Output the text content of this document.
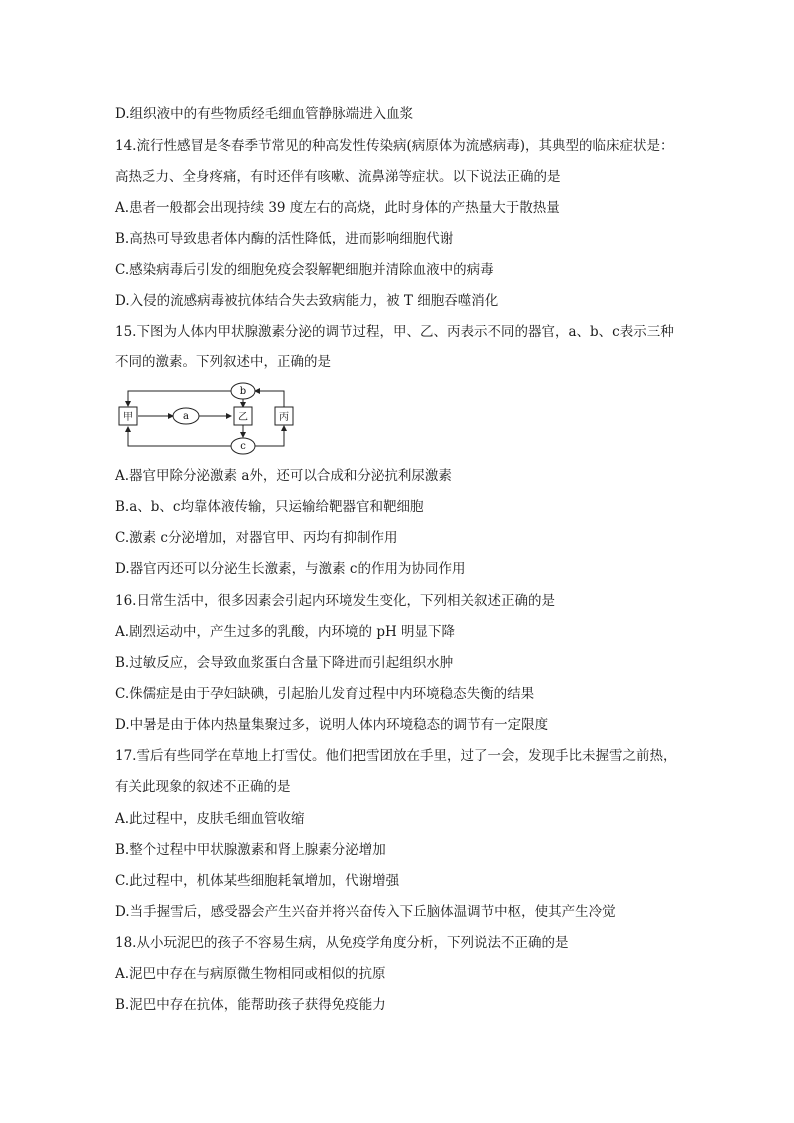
D.组织液中的有些物质经毛细血管静脉端进入血浆
14.流行性感冒是冬春季节常见的种高发性传染病(病原体为流感病毒)，其典型的临床症状是：
高热乏力、全身疼痛，有时还伴有咳嗽、流鼻涕等症状。以下说法正确的是
A.患者一般都会出现持续 39 度左右的高烧，此时身体的产热量大于散热量
B.高热可导致患者体内酶的活性降低，进而影响细胞代谢
C.感染病毒后引发的细胞免疫会裂解靶细胞并清除血液中的病毒
D.入侵的流感病毒被抗体结合失去致病能力，被 T 细胞吞噬消化
15.下图为人体内甲状腺激素分泌的调节过程，甲、乙、丙表示不同的器官，a、b、c表示三种
不同的激素。下列叙述中，正确的是
甲	乙	丙
a
b
c
A.器官甲除分泌激素 a外，还可以合成和分泌抗利尿激素
B.a、b、c均靠体液传输，只运输给靶器官和靶细胞
C.激素 c分泌增加，对器官甲、丙均有抑制作用
D.器官丙还可以分泌生长激素，与激素 c的作用为协同作用
16.日常生活中，很多因素会引起内环境发生变化，下列相关叙述正确的是
A.剧烈运动中，产生过多的乳酸，内环境的 pH 明显下降
B.过敏反应，会导致血浆蛋白含量下降进而引起组织水肿
C.侏儒症是由于孕妇缺碘，引起胎儿发育过程中内环境稳态失衡的结果
D.中暑是由于体内热量集聚过多，说明人体内环境稳态的调节有一定限度
17.雪后有些同学在草地上打雪仗。他们把雪团放在手里，过了一会，发现手比未握雪之前热，
有关此现象的叙述不正确的是
A.此过程中，皮肤毛细血管收缩
B.整个过程中甲状腺激素和肾上腺素分泌增加
C.此过程中，机体某些细胞耗氧增加，代谢增强
D.当手握雪后，感受器会产生兴奋并将兴奋传入下丘脑体温调节中枢，使其产生冷觉
18.从小玩泥巴的孩子不容易生病，从免疫学角度分析，下列说法不正确的是
A.泥巴中存在与病原微生物相同或相似的抗原
B.泥巴中存在抗体，能帮助孩子获得免疫能力
